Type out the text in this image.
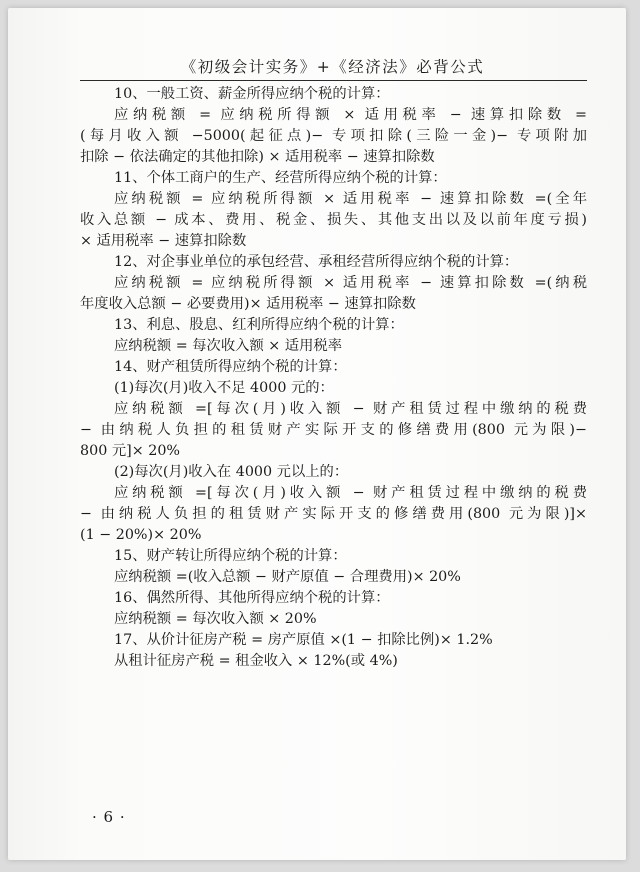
《初级会计实务》+《经济法》必背公式
10、一般工资、薪金所得应纳个税的计算：
应纳税额 = 应纳税所得额 × 适用税率 − 速算扣除数 =
(每月收入额 −5000(起征点)− 专项扣除(三险一金)− 专项附加
扣除 − 依法确定的其他扣除) × 适用税率 − 速算扣除数
11、个体工商户的生产、经营所得应纳个税的计算：
应纳税额 = 应纳税所得额 × 适用税率 − 速算扣除数 =(全年
收入总额 − 成本、费用、税金、损失、其他支出以及以前年度亏损)
× 适用税率 − 速算扣除数
12、对企事业单位的承包经营、承租经营所得应纳个税的计算：
应纳税额 = 应纳税所得额 × 适用税率 − 速算扣除数 =(纳税
年度收入总额 − 必要费用)× 适用税率 − 速算扣除数
13、利息、股息、红利所得应纳个税的计算：
应纳税额 = 每次收入额 × 适用税率
14、财产租赁所得应纳个税的计算：
(1)每次(月)收入不足 4000 元的：
应纳税额 =[每次(月)收入额 − 财产租赁过程中缴纳的税费
− 由纳税人负担的租赁财产实际开支的修缮费用(800 元为限)−
800 元]× 20%
(2)每次(月)收入在 4000 元以上的：
应纳税额 =[每次(月)收入额 − 财产租赁过程中缴纳的税费
− 由纳税人负担的租赁财产实际开支的修缮费用(800 元为限)]×
(1 − 20%)× 20%
15、财产转让所得应纳个税的计算：
应纳税额 =(收入总额 − 财产原值 − 合理费用)× 20%
16、偶然所得、其他所得应纳个税的计算：
应纳税额 = 每次收入额 × 20%
17、从价计征房产税 = 房产原值 ×(1 − 扣除比例)× 1.2%
从租计征房产税 = 租金收入 × 12%(或 4%)
· 6 ·
